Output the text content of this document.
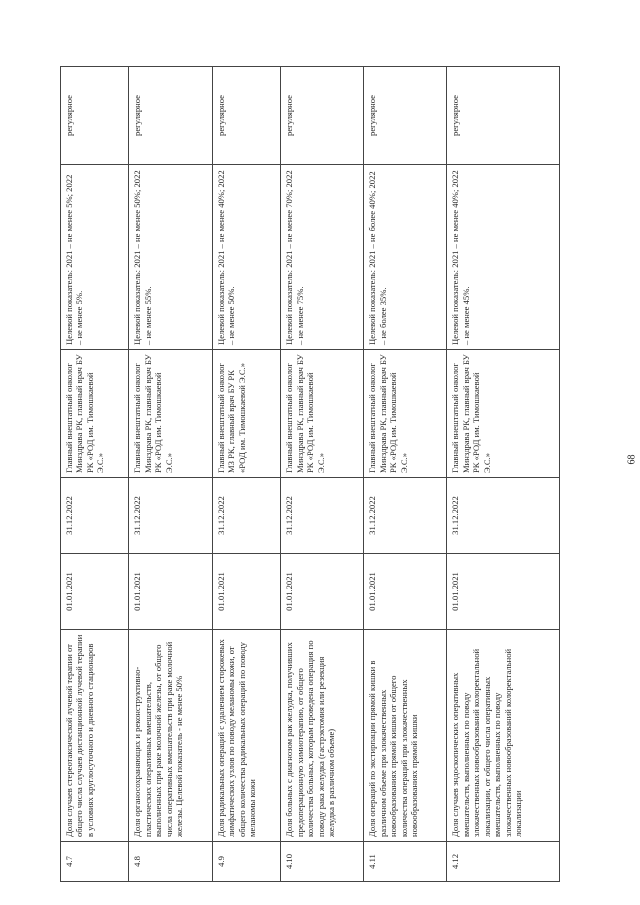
4.7	Доля случаев стереотаксической лучевой терапии от общего числа случаев дистанционной лучевой терапии в условиях круглосуточного и дневного стационаров	01.01.2021	31.12.2022	Главный внештатный онколог Минздрава РК, главный врач БУ РК «РОД им. Тимошкаевой Э.С.»	Целевой показатель: 2021 – не менее 5%; 2022 – не менее 5%.	регулярное
4.8	Доля органосохраняющих и реконструктивно-пластических оперативных вмешательств, выполненных при раке молочной железы, от общего числа оперативных вмешательств при раке молочной железы. Целевой показатель - не менее 50%	01.01.2021	31.12.2022	Главный внештатный онколог Минздрава РК, главный врач БУ РК «РОД им. Тимошкаевой Э.С.»	Целевой показатель: 2021 – не менее 50%; 2022 – не менее 55%.	регулярное
4.9	Доля радикальных операций с удалением сторожевых лимфатических узлов по поводу меланомы кожи, от общего количества радикальных операций по поводу меланомы кожи	01.01.2021	31.12.2022	Главный внештатный онколог МЗ РК, главный врач БУ РК «РОД им. Тимошкаевой Э.С.»	Целевой показатель: 2021 – не менее 40%; 2022 – не менее 50%.	регулярное
4.10	Доля больных с диагнозом рак желудка, получивших предоперационную химиотерапию, от общего количества больных, которым проведена операция по поводу рака желудка (гастрэктомия или резекция желудка в различном объеме)	01.01.2021	31.12.2022	Главный внештатный онколог Минздрава РК, главный врач БУ РК «РОД им. Тимошкаевой Э.С.»	Целевой показатель: 2021 – не менее 70%; 2022 – не менее 75%.	регулярное
4.11	Доля операций по экстирпации прямой кишки в различном объеме при злокачественных новообразованиях прямой кишки от общего количества операций при злокачественных новообразованиях прямой кишки	01.01.2021	31.12.2022	Главный внештатный онколог Минздрава РК, главный врач БУ РК «РОД им. Тимошкаевой Э.С.»	Целевой показатель: 2021 – не более 40%; 2022 – не более 35%.	регулярное
4.12	Доля случаев эндоскопических оперативных вмешательств, выполненных по поводу злокачественных новообразований колоректальной локализации, от общего числа оперативных вмешательств, выполненных по поводу злокачественных новообразований колоректальной локализации	01.01.2021	31.12.2022	Главный внештатный онколог Минздрава РК, главный врач БУ РК «РОД им. Тимошкаевой Э.С.»	Целевой показатель: 2021 – не менее 40%; 2022 – не менее 45%.	регулярное
68
